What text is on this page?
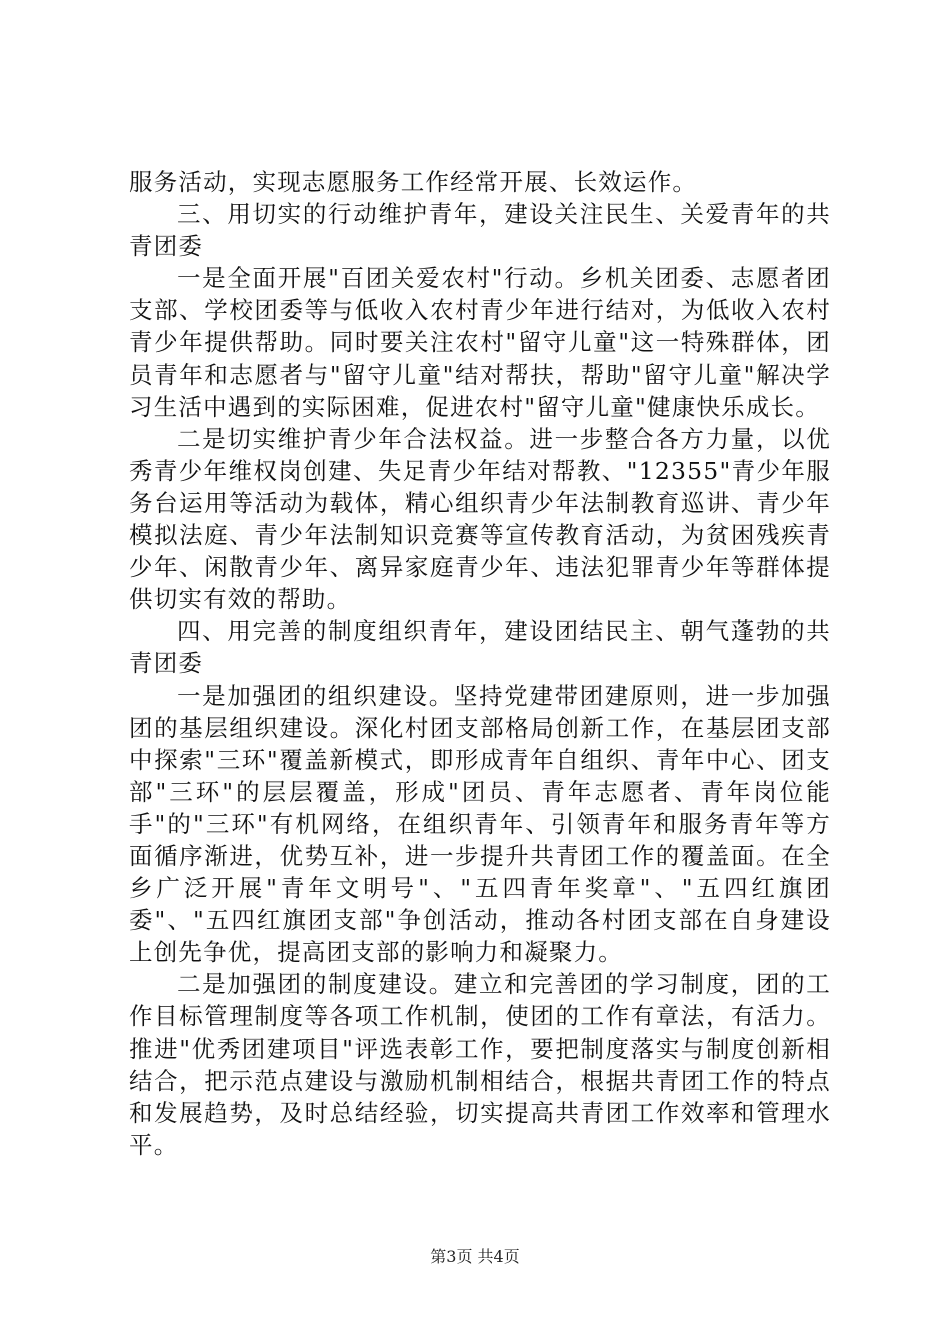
服务活动，实现志愿服务工作经常开展、长效运作。

三、用切实的行动维护青年，建设关注民生、关爱青年的共青团委

一是全面开展"百团关爱农村"行动。乡机关团委、志愿者团支部、学校团委等与低收入农村青少年进行结对，为低收入农村青少年提供帮助。同时要关注农村"留守儿童"这一特殊群体，团员青年和志愿者与"留守儿童"结对帮扶，帮助"留守儿童"解决学习生活中遇到的实际困难，促进农村"留守儿童"健康快乐成长。

二是切实维护青少年合法权益。进一步整合各方力量，以优秀青少年维权岗创建、失足青少年结对帮教、"12355"青少年服务台运用等活动为载体，精心组织青少年法制教育巡讲、青少年模拟法庭、青少年法制知识竞赛等宣传教育活动，为贫困残疾青少年、闲散青少年、离异家庭青少年、违法犯罪青少年等群体提供切实有效的帮助。

四、用完善的制度组织青年，建设团结民主、朝气蓬勃的共青团委

一是加强团的组织建设。坚持党建带团建原则，进一步加强团的基层组织建设。深化村团支部格局创新工作，在基层团支部中探索"三环"覆盖新模式，即形成青年自组织、青年中心、团支部"三环"的层层覆盖，形成"团员、青年志愿者、青年岗位能手"的"三环"有机网络，在组织青年、引领青年和服务青年等方面循序渐进，优势互补，进一步提升共青团工作的覆盖面。在全乡广泛开展"青年文明号"、"五四青年奖章"、"五四红旗团委"、"五四红旗团支部"争创活动，推动各村团支部在自身建设上创先争优，提高团支部的影响力和凝聚力。

二是加强团的制度建设。建立和完善团的学习制度，团的工作目标管理制度等各项工作机制，使团的工作有章法，有活力。推进"优秀团建项目"评选表彰工作，要把制度落实与制度创新相结合，把示范点建设与激励机制相结合，根据共青团工作的特点和发展趋势，及时总结经验，切实提高共青团工作效率和管理水平。

第3页 共4页
